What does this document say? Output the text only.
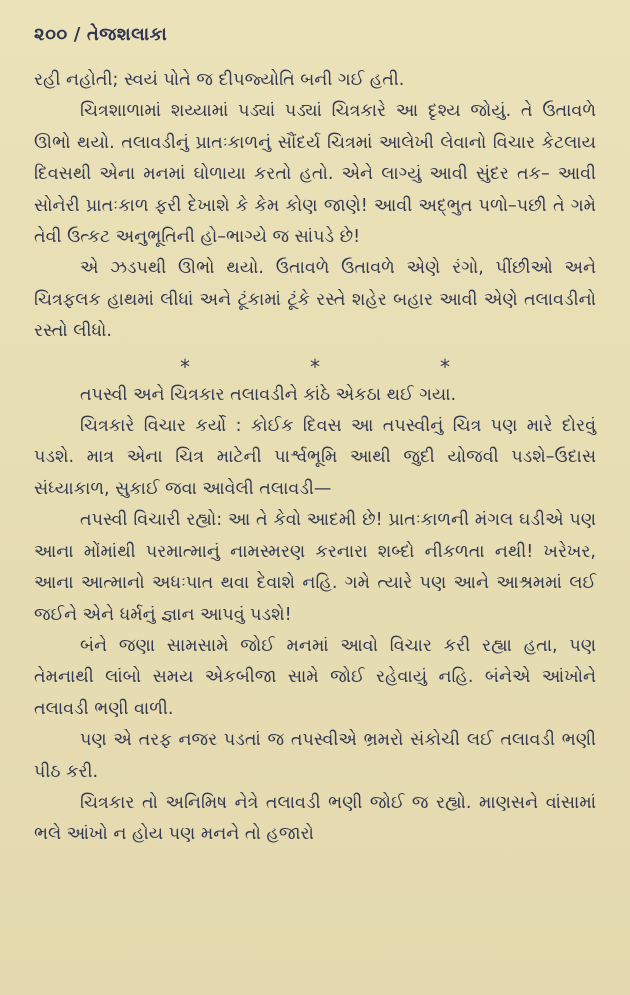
૨૦૦ / તેજશલાકા

રહી નહોતી; સ્વયં પોતે જ દીપજ્યોતિ બની ગઈ હતી.

ચિત્રશાળામાં શય્યામાં પડ્યાં પડ્યાં ચિત્રકારે આ દૃશ્ય જોયું. તે ઉતાવળે ઊભો થયો. તલાવડીનું પ્રાતઃકાળનું સૌંદર્ય ચિત્રમાં આલેખી લેવાનો વિચાર કેટલાય દિવસથી એના મનમાં ઘોળાયા કરતો હતો. એને લાગ્યું આવી સુંદર તક– આવી સોનેરી પ્રાતઃકાળ ફરી દેખાશે કે કેમ કોણ જાણે! આવી અદ્ભુત પળો–પછી તે ગમે તેવી ઉત્કટ અનુભૂતિની હો–ભાગ્યે જ સાંપડે છે!

એ ઝડપથી ઊભો થયો. ઉતાવળે ઉતાવળે એણે રંગો, પીંછીઓ અને ચિત્રફલક હાથમાં લીધાં અને ટૂંકામાં ટૂંકે રસ્તે શહેર બહાર આવી એણે તલાવડીનો રસ્તો લીધો.

*	*	*

તપસ્વી અને ચિત્રકાર તલાવડીને કાંઠે એકઠા થઈ ગયા.

ચિત્રકારે વિચાર કર્યો : કોઈક દિવસ આ તપસ્વીનું ચિત્ર પણ મારે દોરવું પડશે. માત્ર એના ચિત્ર માટેની પાર્શ્વભૂમિ આથી જુદી યોજવી પડશે–ઉદાસ સંધ્યાકાળ, સુકાઈ જવા આવેલી તલાવડી—

તપસ્વી વિચારી રહ્યો: આ તે કેવો આદમી છે! પ્રાતઃકાળની મંગલ ઘડીએ પણ આના મોંમાંથી પરમાત્માનું નામસ્મરણ કરનારા શબ્દો નીકળતા નથી! ખરેખર, આના આત્માનો અધઃપાત થવા દેવાશે નહિ. ગમે ત્યારે પણ આને આશ્રમમાં લઈ જઈને એને ધર્મનું જ્ઞાન આપવું પડશે!

બંને જણા સામસામે જોઈ મનમાં આવો વિચાર કરી રહ્યા હતા, પણ તેમનાથી લાંબો સમય એકબીજા સામે જોઈ રહેવાયું નહિ. બંનેએ આંખોને તલાવડી ભણી વાળી.

પણ એ તરફ નજર પડતાં જ તપસ્વીએ ભ્રમરો સંકોચી લઈ તલાવડી ભણી પીઠ કરી.

ચિત્રકાર તો અનિમિષ નેત્રે તલાવડી ભણી જોઈ જ રહ્યો. માણસને વાંસામાં ભલે આંખો ન હોય પણ મનને તો હજારો
